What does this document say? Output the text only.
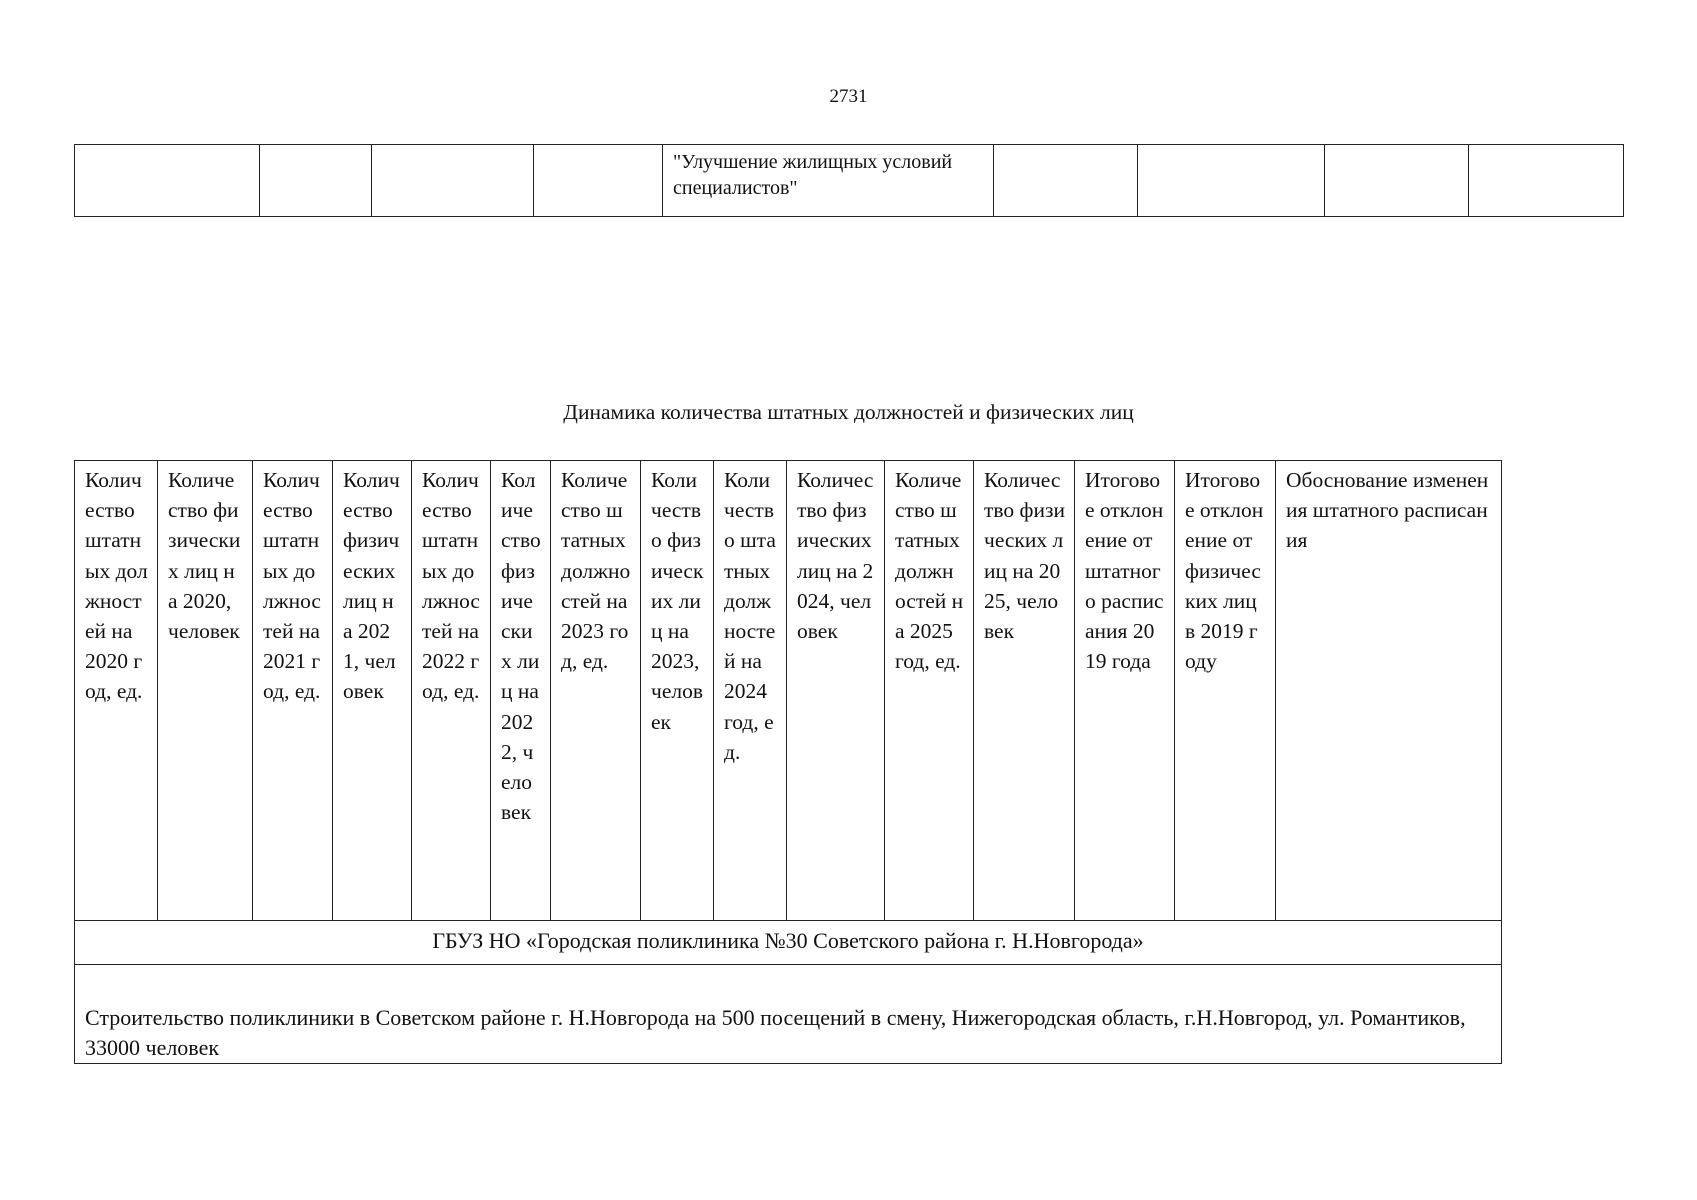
2731
				"Улучшение жилищных условий специалистов"				
Динамика количества штатных должностей и физических лиц
Количество штатных должностей на 2020 год, ед.	Количество физических лиц на 2020, человек	Количество штатных должностей на 2021 год, ед.	Количество физических лиц на 2021, человек	Количество штатных должностей на 2022 год, ед.	Количество физических лиц на 2022, человек	Количество штатных должностей на 2023 год, ед.	Количество физических лиц на 2023, человек	Количество штатных должностей на 2024 год, ед.	Количество физических лиц на 2024, человек	Количество штатных должностей на 2025 год, ед.	Количество физических лиц на 2025, человек	Итоговое отклонение от штатного расписания 2019 года	Итоговое отклонение от физических лиц в 2019 году	Обоснование изменения штатного расписания
ГБУЗ НО «Городская поликлиника №30 Советского района г. Н.Новгорода»
Строительство поликлиники в Советском районе г. Н.Новгорода на 500 посещений в смену, Нижегородская область, г.Н.Новгород, ул. Романтиков, 33000 человек
